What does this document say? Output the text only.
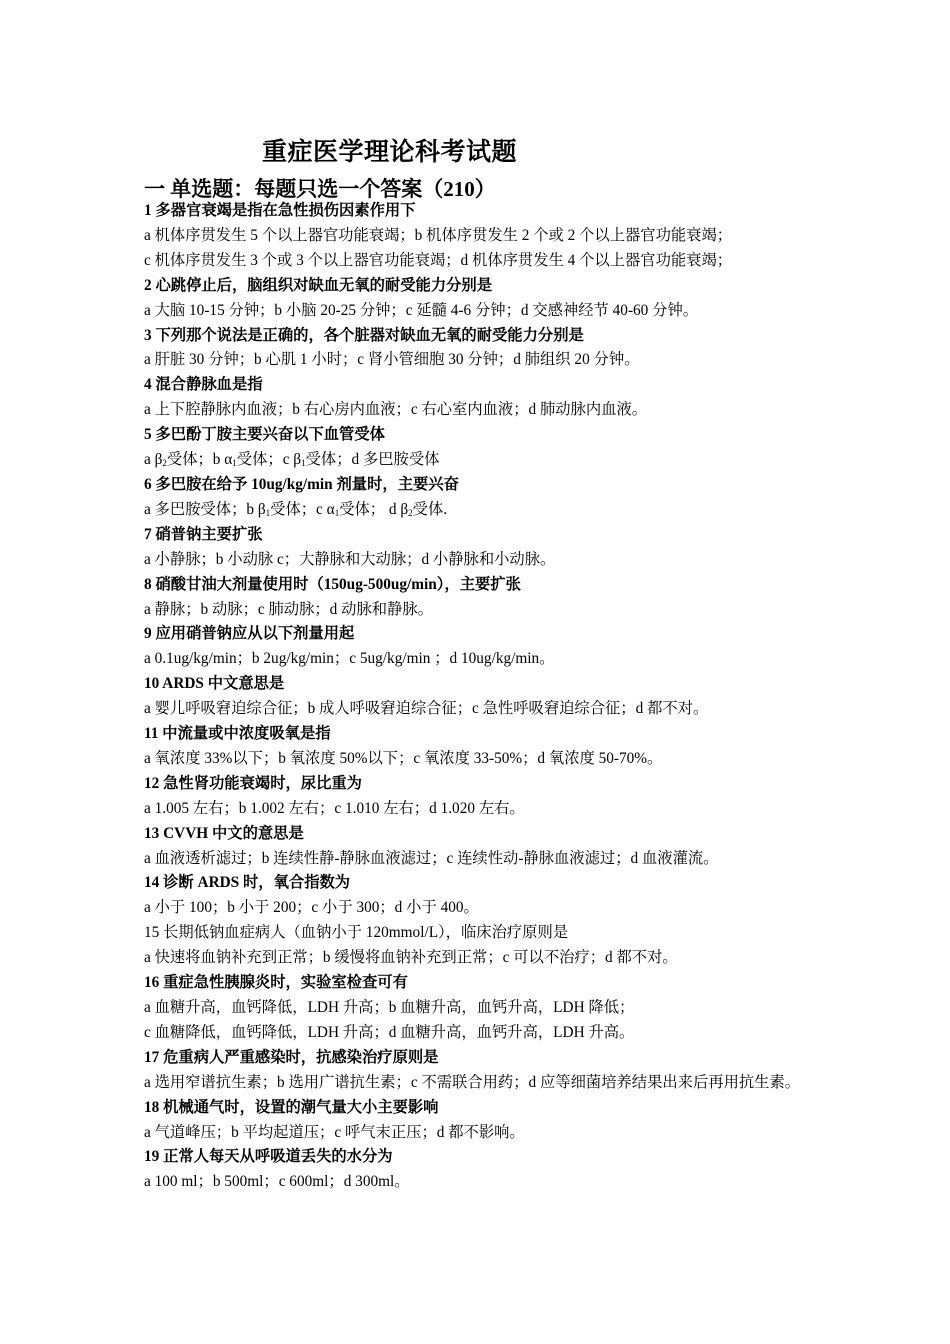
重症医学理论科考试题
一 单选题：每题只选一个答案（210）
1 多器官衰竭是指在急性损伤因素作用下
a 机体序贯发生 5 个以上器官功能衰竭；b 机体序贯发生 2 个或 2 个以上器官功能衰竭；
c 机体序贯发生 3 个或 3 个以上器官功能衰竭；d 机体序贯发生 4 个以上器官功能衰竭；
2 心跳停止后，脑组织对缺血无氧的耐受能力分别是
a 大脑 10-15 分钟；b 小脑 20-25 分钟；c 延髓 4-6 分钟；d 交感神经节 40-60 分钟。
3 下列那个说法是正确的，各个脏器对缺血无氧的耐受能力分别是
a 肝脏 30 分钟；b 心肌 1 小时；c 肾小管细胞 30 分钟；d 肺组织 20 分钟。
4 混合静脉血是指
a 上下腔静脉内血液；b 右心房内血液；c 右心室内血液；d 肺动脉内血液。
5 多巴酚丁胺主要兴奋以下血管受体
a $\beta_2$受体；b $\alpha_1$受体；c $\beta_1$受体；d 多巴胺受体
6 多巴胺在给予 10ug/kg/min 剂量时，主要兴奋
a 多巴胺受体；b $\beta_1$受体；c $\alpha_1$受体； d $\beta_2$受体.
7 硝普钠主要扩张
a 小静脉；b 小动脉 c；大静脉和大动脉；d 小静脉和小动脉。
8 硝酸甘油大剂量使用时（150ug-500ug/min），主要扩张
a 静脉；b 动脉；c 肺动脉；d 动脉和静脉。
9 应用硝普钠应从以下剂量用起
a 0.1ug/kg/min；b 2ug/kg/min；c 5ug/kg/min ；d 10ug/kg/min。
10 ARDS 中文意思是
a 婴儿呼吸窘迫综合征；b 成人呼吸窘迫综合征；c 急性呼吸窘迫综合征；d 都不对。
11 中流量或中浓度吸氧是指
a 氧浓度 33%以下；b 氧浓度 50%以下；c 氧浓度 33-50%；d 氧浓度 50-70%。
12 急性肾功能衰竭时，尿比重为
a 1.005 左右；b 1.002 左右；c 1.010 左右；d 1.020 左右。
13 CVVH 中文的意思是
a 血液透析滤过；b 连续性静-静脉血液滤过；c 连续性动-静脉血液滤过；d 血液灌流。
14 诊断 ARDS 时，氧合指数为
a 小于 100；b 小于 200；c 小于 300；d 小于 400。
15 长期低钠血症病人（血钠小于 120mmol/L），临床治疗原则是
a 快速将血钠补充到正常；b 缓慢将血钠补充到正常；c 可以不治疗；d 都不对。
16 重症急性胰腺炎时，实验室检查可有
a 血糖升高，血钙降低，LDH 升高；b 血糖升高，血钙升高，LDH 降低；
c 血糖降低，血钙降低，LDH 升高；d 血糖升高，血钙升高，LDH 升高。
17 危重病人严重感染时，抗感染治疗原则是
a 选用窄谱抗生素；b 选用广谱抗生素；c 不需联合用药；d 应等细菌培养结果出来后再用抗生素。
18 机械通气时，设置的潮气量大小主要影响
a 气道峰压；b 平均起道压；c 呼气末正压；d 都不影响。
19 正常人每天从呼吸道丢失的水分为
a 100 ml；b 500ml；c 600ml；d 300ml。
